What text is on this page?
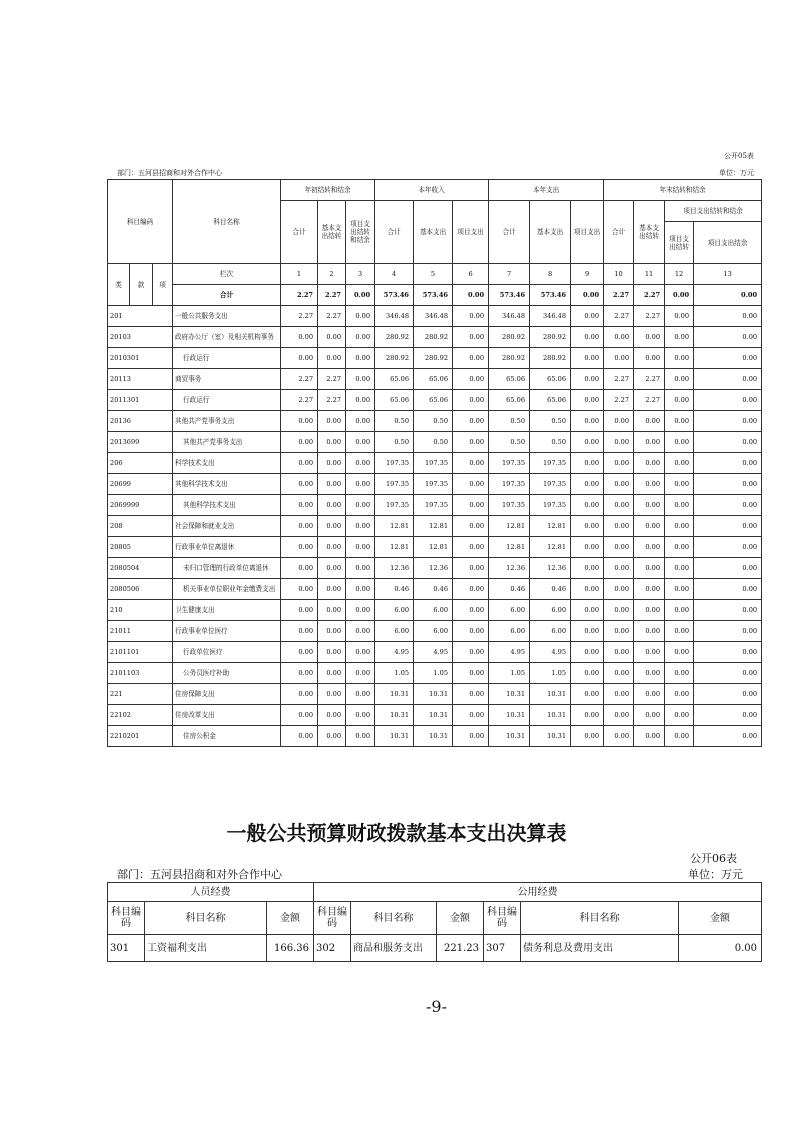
公开05表
部门：五河县招商和对外合作中心	单位：万元
科目编码			科目名称	年初结转和结余			本年收入			本年支出			年末结转和结余			
				合计	基本支出结转	项目支出结转和结余	合计	基本支出	项目支出	合计	基本支出	项目支出	合计	基本支出结转	项目支出结转和结余	
															项目支出结转	项目支出结余

类	款	项	栏次	1	2	3	4	5	6	7	8	9	10	11	12	13
			合计	2.27	2.27	0.00	573.46	573.46	0.00	573.46	573.46	0.00	2.27	2.27	0.00	0.00
201			一般公共服务支出	2.27	2.27	0.00	346.48	346.48	0.00	346.48	346.48	0.00	2.27	2.27	0.00	0.00
20103			政府办公厅（室）及相关机构事务	0.00	0.00	0.00	280.92	280.92	0.00	280.92	280.92	0.00	0.00	0.00	0.00	0.00
2010301			行政运行	0.00	0.00	0.00	280.92	280.92	0.00	280.92	280.92	0.00	0.00	0.00	0.00	0.00
20113			商贸事务	2.27	2.27	0.00	65.06	65.06	0.00	65.06	65.06	0.00	2.27	2.27	0.00	0.00
2011301			行政运行	2.27	2.27	0.00	65.06	65.06	0.00	65.06	65.06	0.00	2.27	2.27	0.00	0.00
20136			其他共产党事务支出	0.00	0.00	0.00	0.50	0.50	0.00	0.50	0.50	0.00	0.00	0.00	0.00	0.00
2013699			其他共产党事务支出	0.00	0.00	0.00	0.50	0.50	0.00	0.50	0.50	0.00	0.00	0.00	0.00	0.00
206			科学技术支出	0.00	0.00	0.00	197.35	197.35	0.00	197.35	197.35	0.00	0.00	0.00	0.00	0.00
20699			其他科学技术支出	0.00	0.00	0.00	197.35	197.35	0.00	197.35	197.35	0.00	0.00	0.00	0.00	0.00
2069999			其他科学技术支出	0.00	0.00	0.00	197.35	197.35	0.00	197.35	197.35	0.00	0.00	0.00	0.00	0.00
208			社会保障和就业支出	0.00	0.00	0.00	12.81	12.81	0.00	12.81	12.81	0.00	0.00	0.00	0.00	0.00
20805			行政事业单位离退休	0.00	0.00	0.00	12.81	12.81	0.00	12.81	12.81	0.00	0.00	0.00	0.00	0.00
2080504			未归口管理的行政单位离退休	0.00	0.00	0.00	12.36	12.36	0.00	12.36	12.36	0.00	0.00	0.00	0.00	0.00
2080506			机关事业单位职业年金缴费支出	0.00	0.00	0.00	0.46	0.46	0.00	0.46	0.46	0.00	0.00	0.00	0.00	0.00
210			卫生健康支出	0.00	0.00	0.00	6.00	6.00	0.00	6.00	6.00	0.00	0.00	0.00	0.00	0.00
21011			行政事业单位医疗	0.00	0.00	0.00	6.00	6.00	0.00	6.00	6.00	0.00	0.00	0.00	0.00	0.00
2101101			行政单位医疗	0.00	0.00	0.00	4.95	4.95	0.00	4.95	4.95	0.00	0.00	0.00	0.00	0.00
2101103			公务员医疗补助	0.00	0.00	0.00	1.05	1.05	0.00	1.05	1.05	0.00	0.00	0.00	0.00	0.00
221			住房保障支出	0.00	0.00	0.00	10.31	10.31	0.00	10.31	10.31	0.00	0.00	0.00	0.00	0.00
22102			住房改革支出	0.00	0.00	0.00	10.31	10.31	0.00	10.31	10.31	0.00	0.00	0.00	0.00	0.00
2210201			住房公积金	0.00	0.00	0.00	10.31	10.31	0.00	10.31	10.31	0.00	0.00	0.00	0.00	0.00
一般公共预算财政拨款基本支出决算表
公开06表
部门：五河县招商和对外合作中心	单位：万元
人员经费			公用经费					
科目编码	科目名称	金额	科目编码	科目名称	金额	科目编码	科目名称	金额
301	工资福利支出	166.36	302	商品和服务支出	221.23	307	债务利息及费用支出	0.00
-9-
